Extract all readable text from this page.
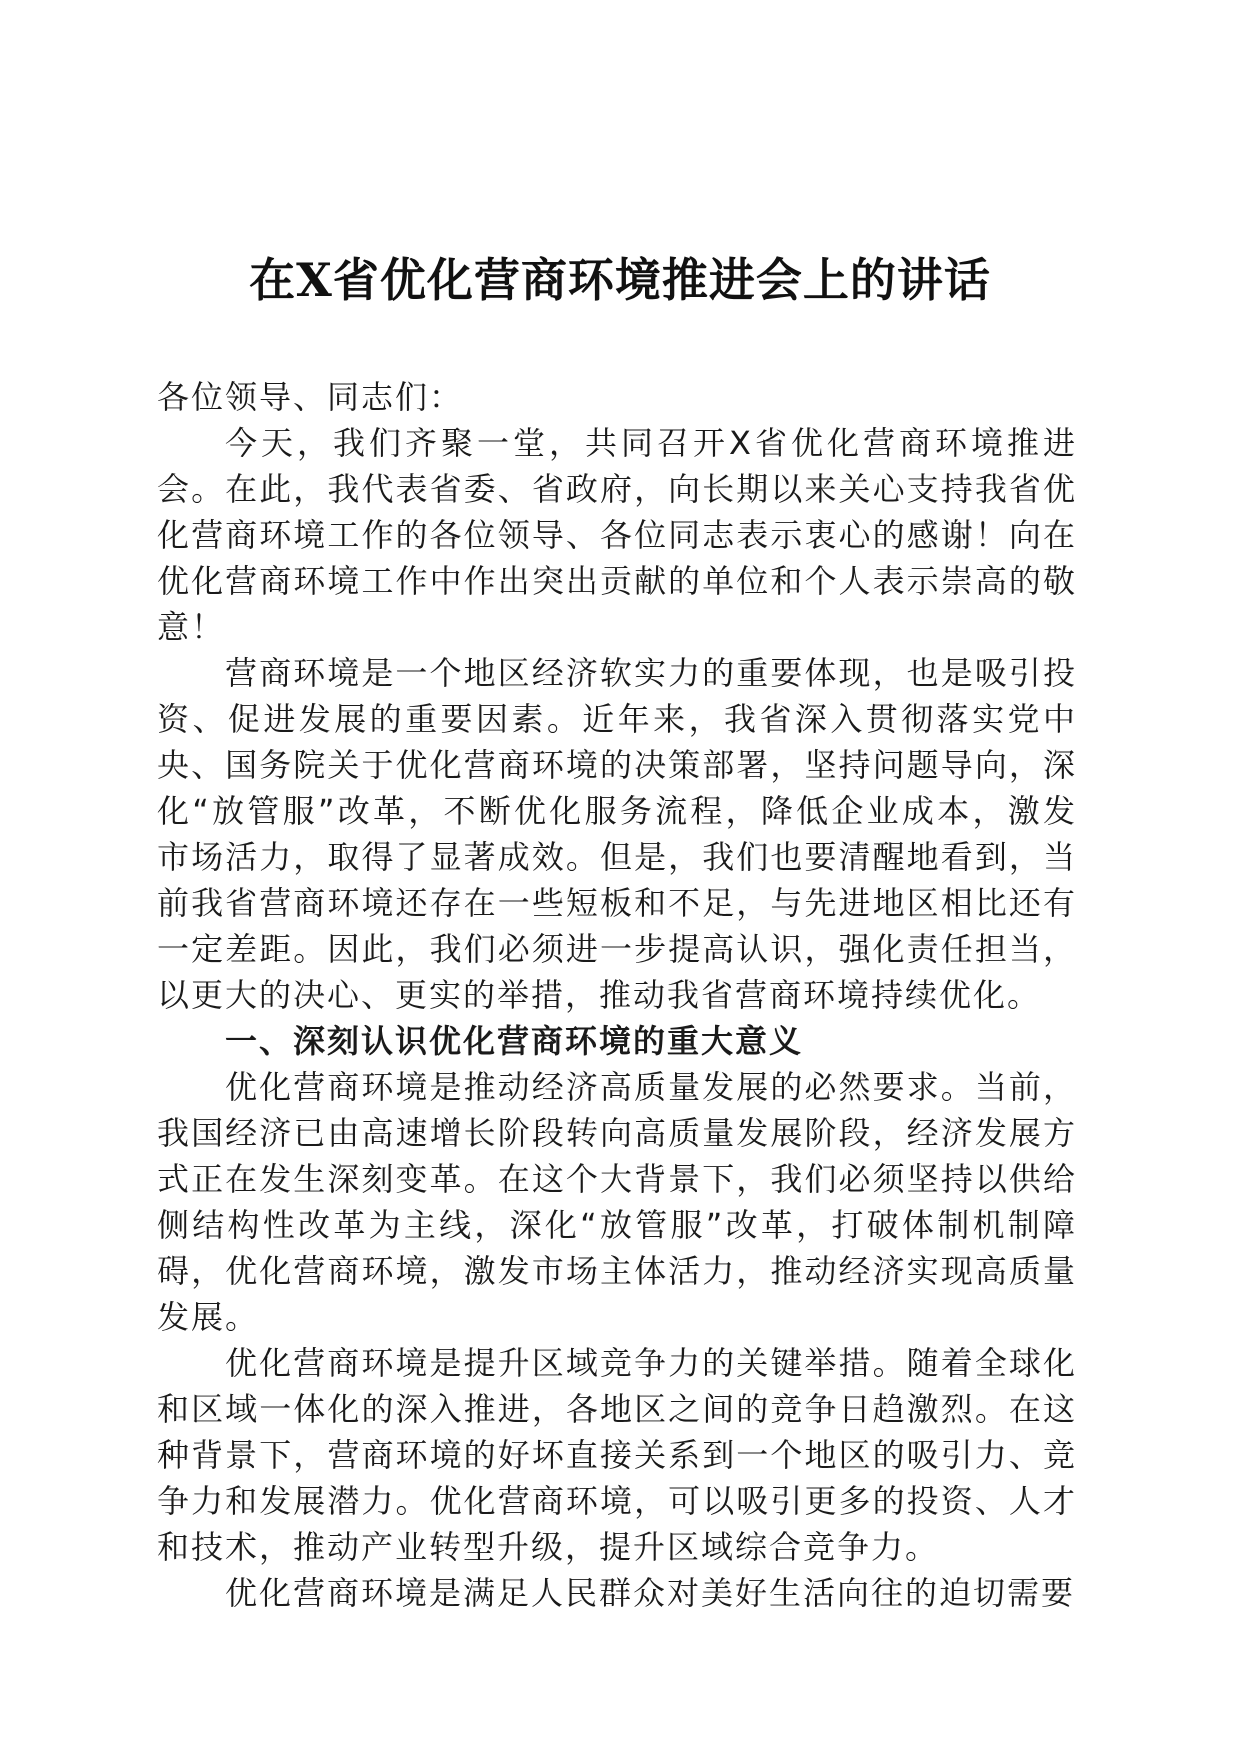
在X省优化营商环境推进会上的讲话

各位领导、同志们：

今天，我们齐聚一堂，共同召开X省优化营商环境推进会。在此，我代表省委、省政府，向长期以来关心支持我省优化营商环境工作的各位领导、各位同志表示衷心的感谢！向在优化营商环境工作中作出突出贡献的单位和个人表示崇高的敬意！

营商环境是一个地区经济软实力的重要体现，也是吸引投资、促进发展的重要因素。近年来，我省深入贯彻落实党中央、国务院关于优化营商环境的决策部署，坚持问题导向，深化“放管服”改革，不断优化服务流程，降低企业成本，激发市场活力，取得了显著成效。但是，我们也要清醒地看到，当前我省营商环境还存在一些短板和不足，与先进地区相比还有一定差距。因此，我们必须进一步提高认识，强化责任担当，以更大的决心、更实的举措，推动我省营商环境持续优化。

一、深刻认识优化营商环境的重大意义

优化营商环境是推动经济高质量发展的必然要求。当前，我国经济已由高速增长阶段转向高质量发展阶段，经济发展方式正在发生深刻变革。在这个大背景下，我们必须坚持以供给侧结构性改革为主线，深化“放管服”改革，打破体制机制障碍，优化营商环境，激发市场主体活力，推动经济实现高质量发展。

优化营商环境是提升区域竞争力的关键举措。随着全球化和区域一体化的深入推进，各地区之间的竞争日趋激烈。在这种背景下，营商环境的好坏直接关系到一个地区的吸引力、竞争力和发展潜力。优化营商环境，可以吸引更多的投资、人才和技术，推动产业转型升级，提升区域综合竞争力。

优化营商环境是满足人民群众对美好生活向往的迫切需要
